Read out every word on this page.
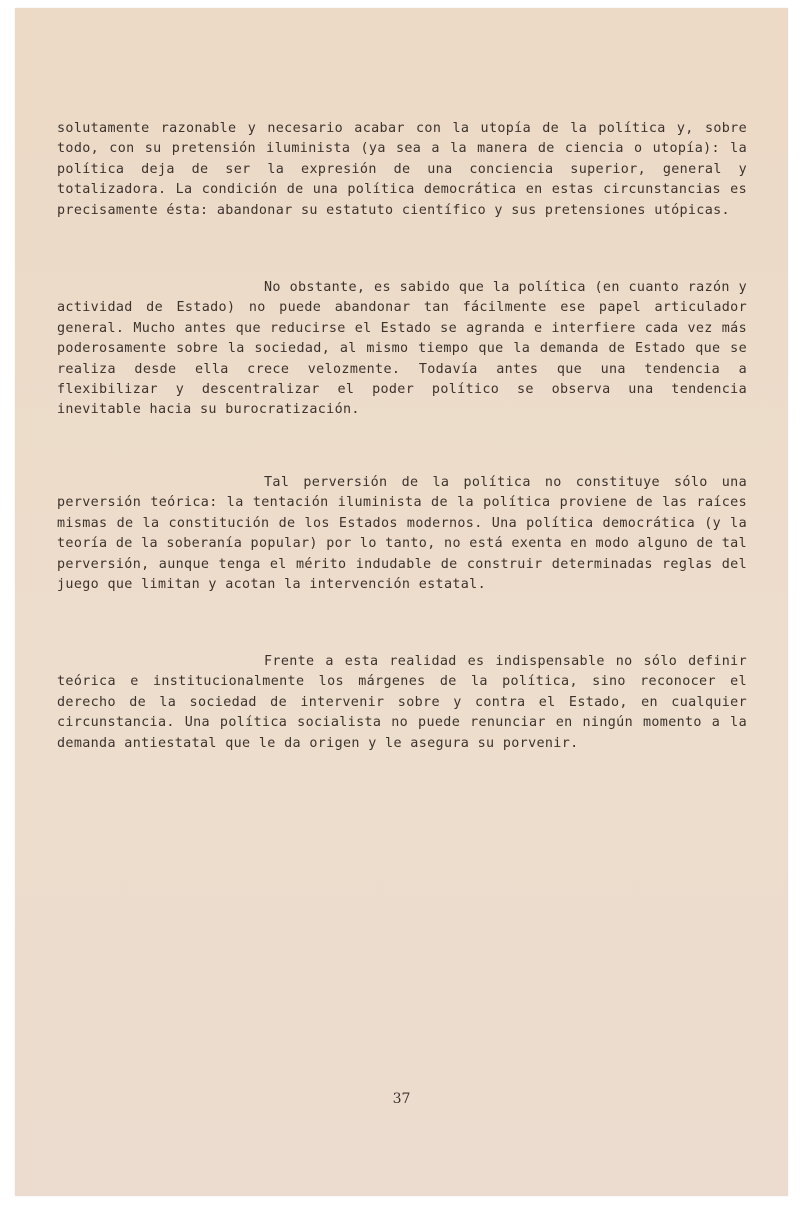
solutamente razonable y necesario acabar con la utopía de la política y, sobre todo, con su pretensión iluminista (ya sea a la manera de ciencia o utopía): la política deja de ser la expresión de una conciencia superior, general y totalizadora. La condición de una política democrática en estas circunstancias es precisamente ésta: abandonar su estatuto científico y sus pretensiones utópicas.

No obstante, es sabido que la política (en cuanto razón y actividad de Estado) no puede abandonar tan fácilmente ese papel articulador general. Mucho antes que reducirse el Estado se agranda e interfiere cada vez más poderosamente sobre la sociedad, al mismo tiempo que la demanda de Estado que se realiza desde ella crece velozmente. Todavía antes que una tendencia a flexibilizar y descentralizar el poder político se observa una tendencia inevitable hacia su burocratización.

Tal perversión de la política no constituye sólo una perversión teórica: la tentación iluminista de la política proviene de las raíces mismas de la constitución de los Estados modernos. Una política democrática (y la teoría de la soberanía popular) por lo tanto, no está exenta en modo alguno de tal perversión, aunque tenga el mérito indudable de construir determinadas reglas del juego que limitan y acotan la intervención estatal.

Frente a esta realidad es indispensable no sólo definir teórica e institucionalmente los márgenes de la política, sino reconocer el derecho de la sociedad de intervenir sobre y contra el Estado, en cualquier circunstancia. Una política socialista no puede renunciar en ningún momento a la demanda antiestatal que le da origen y le asegura su porvenir.

37
